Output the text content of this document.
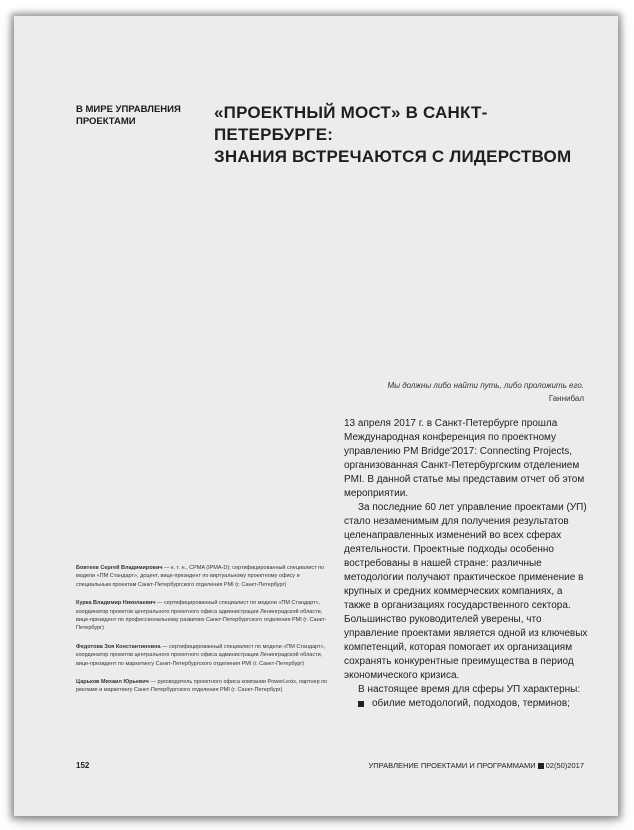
В МИРЕ УПРАВЛЕНИЯ ПРОЕКТАМИ	«ПРОЕКТНЫЙ МОСТ» В САНКТ-ПЕТЕРБУРГЕ:
ЗНАНИЯ ВСТРЕЧАЮТСЯ С ЛИДЕРСТВОМ
Мы должны либо найти путь, либо проложить его.
Ганнибал

13 апреля 2017 г. в Санкт-Петербурге прошла Международная конференция по проектному управлению PM Bridge'2017: Connecting Projects, организованная Санкт-Петербургским отделением PMI. В данной статье мы представим отчет об этом мероприятии.

За последние 60 лет управление проектами (УП) стало незаменимым для получения результатов целенаправленных изменений во всех сферах деятельности. Проектные подходы особенно востребованы в нашей стране: различные методологии получают практическое применение в крупных и средних коммерческих компаниях, а также в организациях государственного сектора. Большинство руководителей уверены, что управление проектами является одной из ключевых компетенций, которая помогает их организациям сохранять конкурентные преимущества в период экономического кризиса.

В настоящее время для сферы УП характерны:

обилие методологий, подходов, терминов;
Бовтеев Сергей Владимирович — к. т. н., CPMA (IPMA-D); сертифицированный специалист по модели «ПМ Стандарт», доцент, вице-президент по виртуальному проектному офису и специальным проектам Санкт-Петербургского отделения PMI (г. Санкт-Петербург)
Курка Владимир Николаевич — сертифицированный специалист по модели «ПМ Стандарт», координатор проектов центрального проектного офиса администрации Ленинградской области, вице-президент по профессиональному развитию Санкт-Петербургского отделения PMI (г. Санкт-Петербург)
Федотова Зоя Константиновна — сертифицированный специалист по модели «ПМ Стандарт», координатор проектов центрального проектного офиса администрации Ленинградской области, вице-президент по маркетингу Санкт-Петербургского отделения PMI (г. Санкт-Петербург)
Царьков Михаил Юрьевич — руководитель проектного офиса компании PowerLexis, партнер по рекламе и маркетингу Санкт-Петербургского отделения PMI (г. Санкт-Петербург)
152	УПРАВЛЕНИЕ ПРОЕКТАМИ И ПРОГРАММАМИ 02(50)2017
